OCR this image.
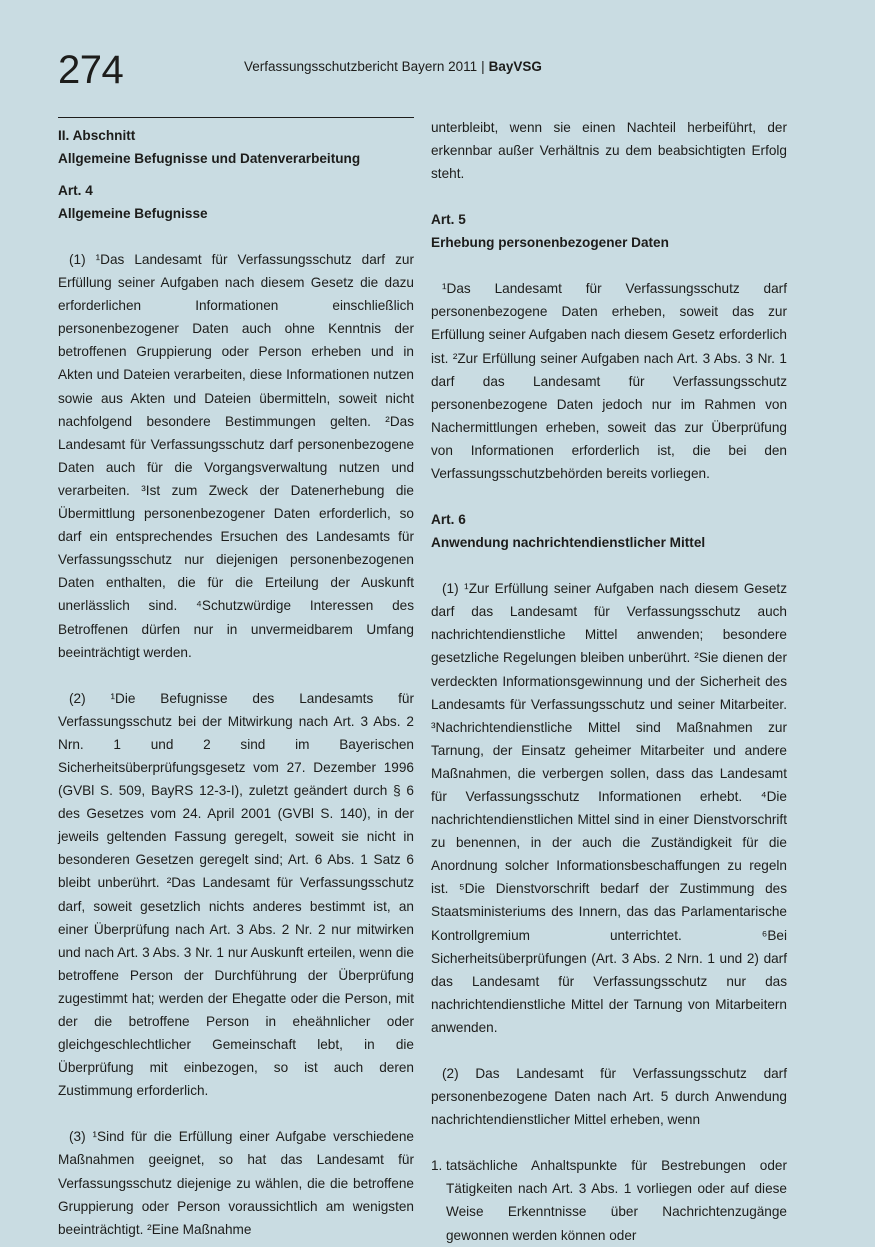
274	Verfassungsschutzbericht Bayern 2011 | BayVSG
II. Abschnitt
Allgemeine Befugnisse und Datenverarbeitung
Art. 4
Allgemeine Befugnisse

(1) ¹Das Landesamt für Verfassungsschutz darf zur Erfüllung seiner Aufgaben nach diesem Gesetz die dazu erforderlichen Informationen einschließlich personenbezogener Daten auch ohne Kenntnis der betroffenen Gruppierung oder Person erheben und in Akten und Dateien verarbeiten, diese Informationen nutzen sowie aus Akten und Dateien übermitteln, soweit nicht nachfolgend besondere Bestimmungen gelten. ²Das Landesamt für Verfassungsschutz darf personenbezogene Daten auch für die Vorgangsverwaltung nutzen und verarbeiten. ³Ist zum Zweck der Datenerhebung die Übermittlung personenbezogener Daten erforderlich, so darf ein entsprechendes Ersuchen des Landesamts für Verfassungsschutz nur diejenigen personenbezogenen Daten enthalten, die für die Erteilung der Auskunft unerlässlich sind. ⁴Schutzwürdige Interessen des Betroffenen dürfen nur in unvermeidbarem Umfang beeinträchtigt werden.

(2) ¹Die Befugnisse des Landesamts für Verfassungsschutz bei der Mitwirkung nach Art. 3 Abs. 2 Nrn. 1 und 2 sind im Bayerischen Sicherheitsüberprüfungsgesetz vom 27. Dezember 1996 (GVBl S. 509, BayRS 12-3-I), zuletzt geändert durch § 6 des Gesetzes vom 24. April 2001 (GVBl S. 140), in der jeweils geltenden Fassung geregelt, soweit sie nicht in besonderen Gesetzen geregelt sind; Art. 6 Abs. 1 Satz 6 bleibt unberührt. ²Das Landesamt für Verfassungsschutz darf, soweit gesetzlich nichts anderes bestimmt ist, an einer Überprüfung nach Art. 3 Abs. 2 Nr. 2 nur mitwirken und nach Art. 3 Abs. 3 Nr. 1 nur Auskunft erteilen, wenn die betroffene Person der Durchführung der Überprüfung zugestimmt hat; werden der Ehegatte oder die Person, mit der die betroffene Person in eheähnlicher oder gleichgeschlechtlicher Gemeinschaft lebt, in die Überprüfung mit einbezogen, so ist auch deren Zustimmung erforderlich.

(3) ¹Sind für die Erfüllung einer Aufgabe verschiedene Maßnahmen geeignet, so hat das Landesamt für Verfassungsschutz diejenige zu wählen, die die betroffene Gruppierung oder Person voraussichtlich am wenigsten beeinträchtigt. ²Eine Maßnahme

unterbleibt, wenn sie einen Nachteil herbeiführt, der erkennbar außer Verhältnis zu dem beabsichtigten Erfolg steht.

Art. 5
Erhebung personenbezogener Daten

¹Das Landesamt für Verfassungsschutz darf personenbezogene Daten erheben, soweit das zur Erfüllung seiner Aufgaben nach diesem Gesetz erforderlich ist. ²Zur Erfüllung seiner Aufgaben nach Art. 3 Abs. 3 Nr. 1 darf das Landesamt für Verfassungsschutz personenbezogene Daten jedoch nur im Rahmen von Nachermittlungen erheben, soweit das zur Überprüfung von Informationen erforderlich ist, die bei den Verfassungsschutzbehörden bereits vorliegen.

Art. 6
Anwendung nachrichtendienstlicher Mittel

(1) ¹Zur Erfüllung seiner Aufgaben nach diesem Gesetz darf das Landesamt für Verfassungsschutz auch nachrichtendienstliche Mittel anwenden; besondere gesetzliche Regelungen bleiben unberührt. ²Sie dienen der verdeckten Informationsgewinnung und der Sicherheit des Landesamts für Verfassungsschutz und seiner Mitarbeiter. ³Nachrichtendienstliche Mittel sind Maßnahmen zur Tarnung, der Einsatz geheimer Mitarbeiter und andere Maßnahmen, die verbergen sollen, dass das Landesamt für Verfassungsschutz Informationen erhebt. ⁴Die nachrichtendienstlichen Mittel sind in einer Dienstvorschrift zu benennen, in der auch die Zuständigkeit für die Anordnung solcher Informationsbeschaffungen zu regeln ist. ⁵Die Dienstvorschrift bedarf der Zustimmung des Staatsministeriums des Innern, das das Parlamentarische Kontrollgremium unterrichtet. ⁶Bei Sicherheitsüberprüfungen (Art. 3 Abs. 2 Nrn. 1 und 2) darf das Landesamt für Verfassungsschutz nur das nachrichtendienstliche Mittel der Tarnung von Mitarbeitern anwenden.

(2) Das Landesamt für Verfassungsschutz darf personenbezogene Daten nach Art. 5 durch Anwendung nachrichtendienstlicher Mittel erheben, wenn

1. tatsächliche Anhaltspunkte für Bestrebungen oder Tätigkeiten nach Art. 3 Abs. 1 vorliegen oder auf diese Weise Erkenntnisse über Nachrichtenzugänge gewonnen werden können oder
